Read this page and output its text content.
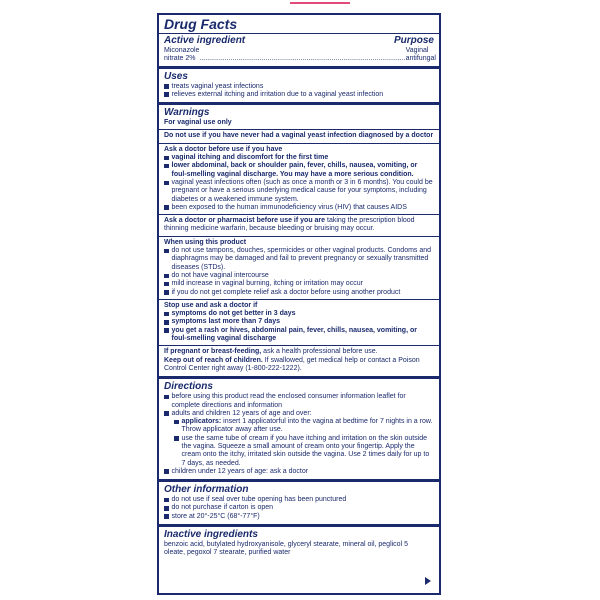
Drug Facts
Active ingredient	Purpose
Miconazole nitrate 2% ..........................................................................................................
Vaginal antifungal
Uses
treats vaginal yeast infections
relieves external itching and irritation due to a vaginal yeast infection
Warnings
For vaginal use only
Do not use if you have never had a vaginal yeast infection diagnosed by a doctor
Ask a doctor before use if you have
vaginal itching and discomfort for the first time
lower abdominal, back or shoulder pain, fever, chills, nausea, vomiting, or foul-smelling vaginal discharge. You may have a more serious condition.
vaginal yeast infections often (such as once a month or 3 in 6 months). You could be pregnant or have a serious underlying medical cause for your symptoms, including diabetes or a weakened immune system.
been exposed to the human immunodeficiency virus (HIV) that causes AIDS
Ask a doctor or pharmacist before use if you are taking the prescription blood thinning medicine warfarin, because bleeding or bruising may occur.
When using this product
do not use tampons, douches, spermicides or other vaginal products. Condoms and diaphragms may be damaged and fail to prevent pregnancy or sexually transmitted diseases (STDs).
do not have vaginal intercourse
mild increase in vaginal burning, itching or irritation may occur
if you do not get complete relief ask a doctor before using another product
Stop use and ask a doctor if
symptoms do not get better in 3 days
symptoms last more than 7 days
you get a rash or hives, abdominal pain, fever, chills, nausea, vomiting, or foul-smelling vaginal discharge
If pregnant or breast-feeding, ask a health professional before use.
Keep out of reach of children. If swallowed, get medical help or contact a Poison Control Center right away (1-800-222-1222).
Directions
before using this product read the enclosed consumer information leaflet for complete directions and information
adults and children 12 years of age and over:
applicators: insert 1 applicatorful into the vagina at bedtime for 7 nights in a row. Throw applicator away after use.
use the same tube of cream if you have itching and irritation on the skin outside the vagina. Squeeze a small amount of cream onto your fingertip. Apply the cream onto the itchy, irritated skin outside the vagina. Use 2 times daily for up to 7 days, as needed.
children under 12 years of age: ask a doctor
Other information
do not use if seal over tube opening has been punctured
do not purchase if carton is open
store at 20°-25°C (68°-77°F)
Inactive ingredients
benzoic acid, butylated hydroxyanisole, glyceryl stearate, mineral oil, peglicol 5 oleate, pegoxol 7 stearate, purified water
